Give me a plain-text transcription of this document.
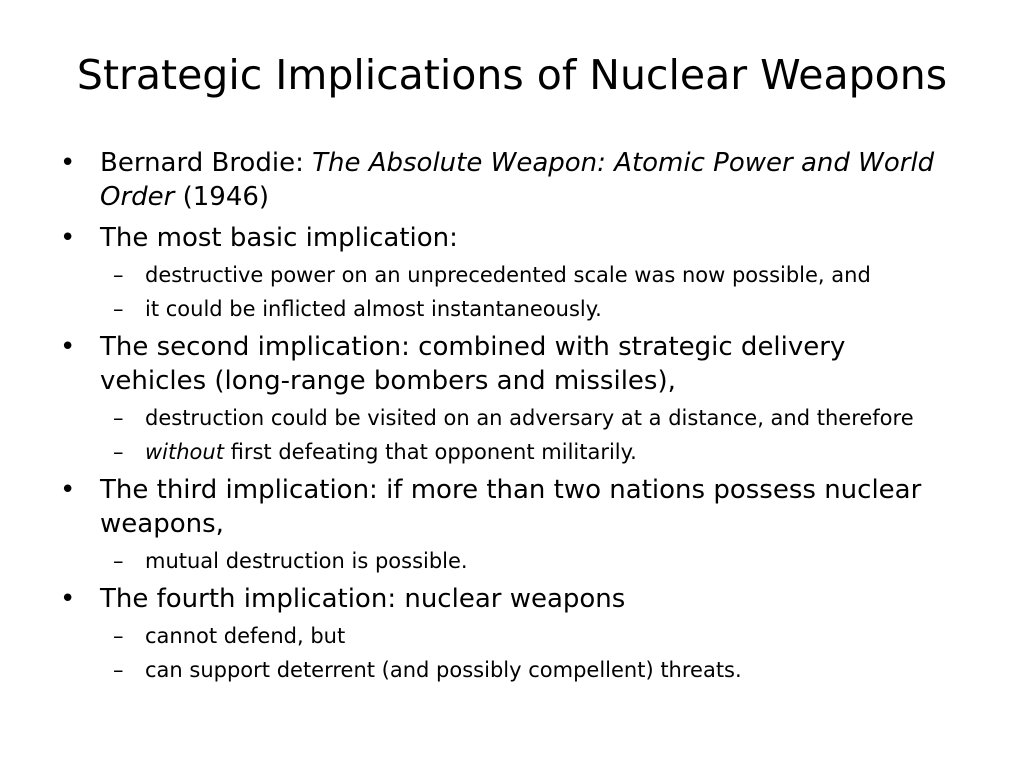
Strategic Implications of Nuclear Weapons
• Bernard Brodie: The Absolute Weapon: Atomic Power and World Order (1946)
• The most basic implication:
– destructive power on an unprecedented scale was now possible, and
– it could be inflicted almost instantaneously.
• The second implication: combined with strategic delivery vehicles (long-range bombers and missiles),
– destruction could be visited on an adversary at a distance, and therefore
– without first defeating that opponent militarily.
• The third implication: if more than two nations possess nuclear weapons,
– mutual destruction is possible.
• The fourth implication: nuclear weapons
– cannot defend, but
– can support deterrent (and possibly compellent) threats.
